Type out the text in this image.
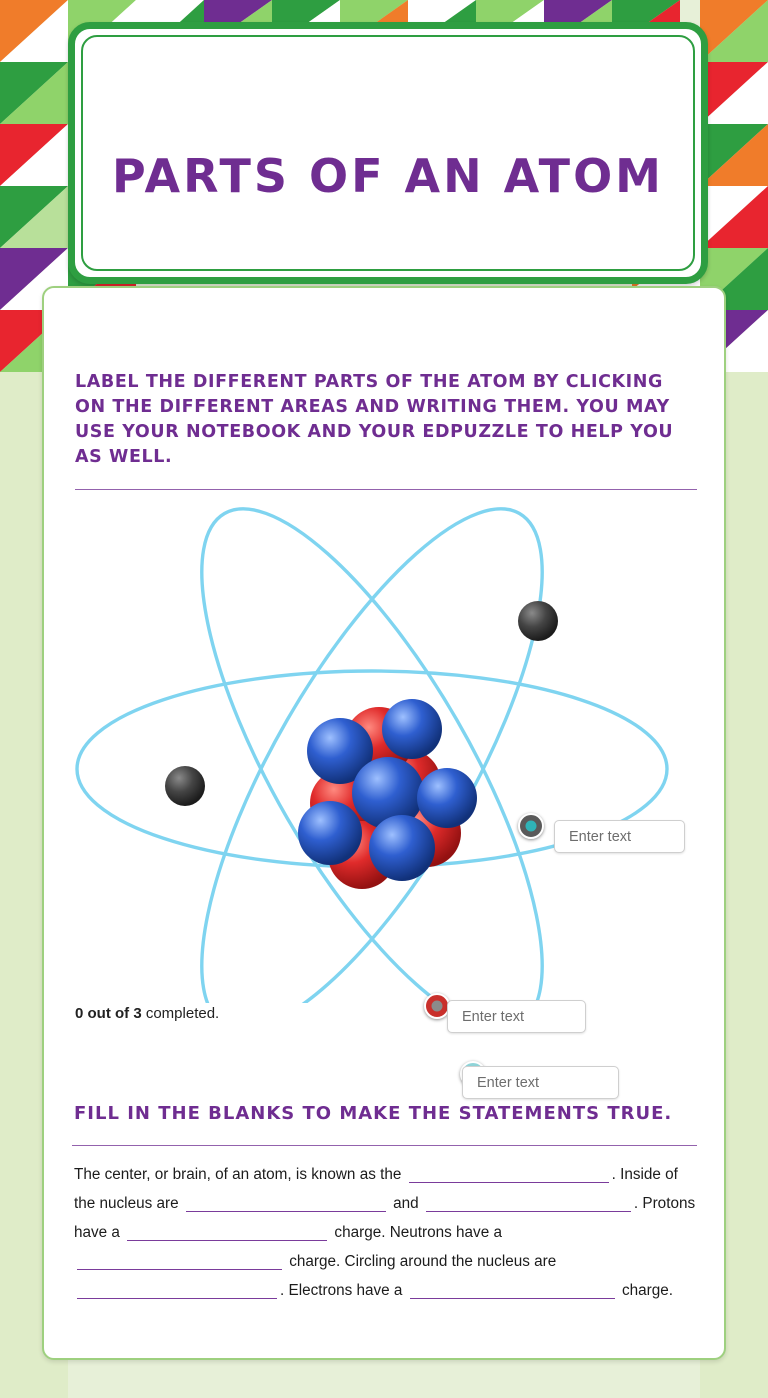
PARTS OF AN ATOM
LABEL THE DIFFERENT PARTS OF THE ATOM BY CLICKING ON THE DIFFERENT AREAS AND WRITING THEM. YOU MAY USE YOUR NOTEBOOK AND YOUR EDPUZZLE TO HELP YOU AS WELL.
Enter text
Enter text
Enter text
0 out of 3 completed.
FILL IN THE BLANKS TO MAKE THE STATEMENTS TRUE.
The center, or brain, of an atom, is known as the	. Inside of the nucleus are	and	. Protons have a	charge. Neutrons have a  charge. Circling around the nucleus are . Electrons have a	charge.
